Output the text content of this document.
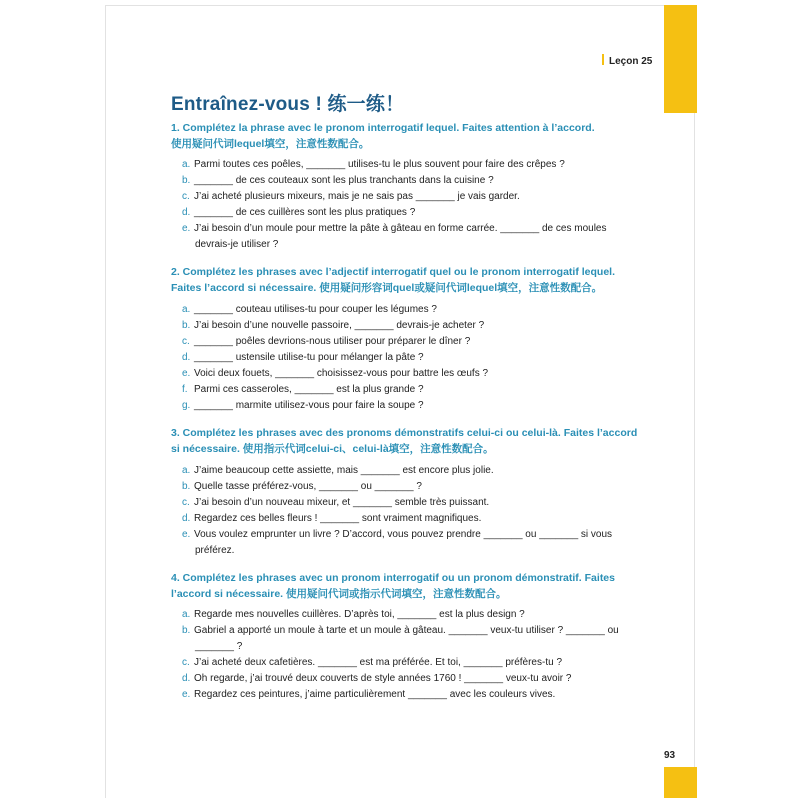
Leçon 25
Entraînez-vous ! 练一练！
1. Complétez la phrase avec le pronom interrogatif lequel. Faites attention à l’accord.
使用疑问代词lequel填空，注意性数配合。
a. Parmi toutes ces poêles, _______ utilises-tu le plus souvent pour faire des crêpes ?
b. _______ de ces couteaux sont les plus tranchants dans la cuisine ?
c. J’ai acheté plusieurs mixeurs, mais je ne sais pas _______ je vais garder.
d. _______ de ces cuillères sont les plus pratiques ?
e. J’ai besoin d’un moule pour mettre la pâte à gâteau en forme carrée. _______ de ces moules
devrais-je utiliser ?
2. Complétez les phrases avec l’adjectif interrogatif quel ou le pronom interrogatif lequel.
Faites l’accord si nécessaire. 使用疑问形容词quel或疑问代词lequel填空，注意性数配合。
a. _______ couteau utilises-tu pour couper les légumes ?
b. J’ai besoin d’une nouvelle passoire, _______ devrais-je acheter ?
c. _______ poêles devrions-nous utiliser pour préparer le dîner ?
d. _______ ustensile utilise-tu pour mélanger la pâte ?
e. Voici deux fouets, _______ choisissez-vous pour battre les œufs ?
f. Parmi ces casseroles, _______ est la plus grande ?
g. _______ marmite utilisez-vous pour faire la soupe ?
3. Complétez les phrases avec des pronoms démonstratifs celui-ci ou celui-là. Faites l’accord
si nécessaire. 使用指示代词celui-ci、celui-là填空，注意性数配合。
a. J’aime beaucoup cette assiette, mais _______ est encore plus jolie.
b. Quelle tasse préférez-vous, _______ ou _______ ?
c. J’ai besoin d’un nouveau mixeur, et _______ semble très puissant.
d. Regardez ces belles fleurs ! _______ sont vraiment magnifiques.
e. Vous voulez emprunter un livre ? D’accord, vous pouvez prendre _______ ou _______ si vous
préférez.
4. Complétez les phrases avec un pronom interrogatif ou un pronom démonstratif. Faites
l’accord si nécessaire. 使用疑问代词或指示代词填空，注意性数配合。
a. Regarde mes nouvelles cuillères. D’après toi, _______ est la plus design ?
b. Gabriel a apporté un moule à tarte et un moule à gâteau. _______ veux-tu utiliser ? _______ ou
_______ ?
c. J’ai acheté deux cafetières. _______ est ma préférée. Et toi, _______ préfères-tu ?
d. Oh regarde, j’ai trouvé deux couverts de style années 1760 ! _______ veux-tu avoir ?
e. Regardez ces peintures, j’aime particulièrement _______ avec les couleurs vives.
93
